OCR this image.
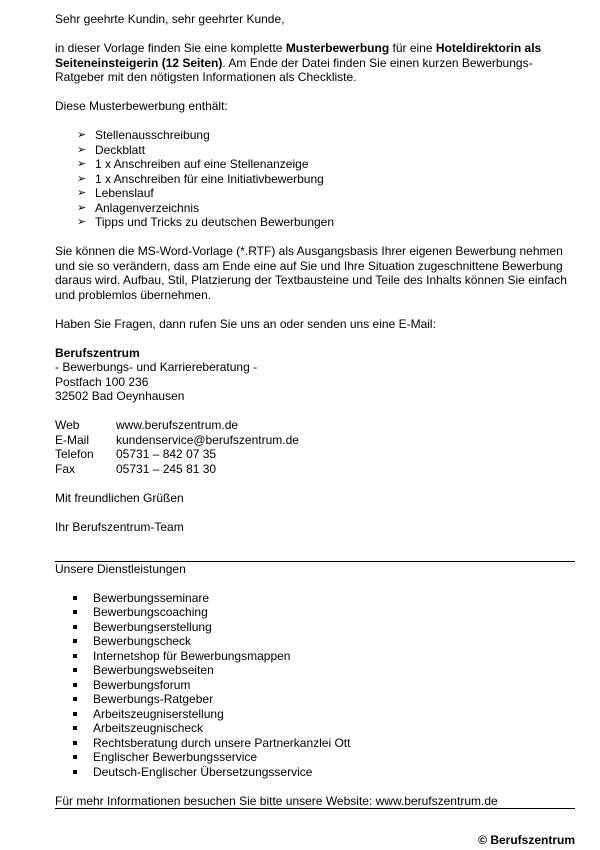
Sehr geehrte Kundin, sehr geehrter Kunde,

in dieser Vorlage finden Sie eine komplette Musterbewerbung für eine Hoteldirektorin als Seiteneinsteigerin (12 Seiten). Am Ende der Datei finden Sie einen kurzen Bewerbungs-Ratgeber mit den nötigsten Informationen als Checkliste.

Diese Musterbewerbung enthält:

➢ Stellenausschreibung
➢ Deckblatt
➢ 1 x Anschreiben auf eine Stellenanzeige
➢ 1 x Anschreiben für eine Initiativbewerbung
➢ Lebenslauf
➢ Anlagenverzeichnis
➢ Tipps und Tricks zu deutschen Bewerbungen

Sie können die MS-Word-Vorlage (*.RTF) als Ausgangsbasis Ihrer eigenen Bewerbung nehmen und sie so verändern, dass am Ende eine auf Sie und Ihre Situation zugeschnittene Bewerbung daraus wird. Aufbau, Stil, Platzierung der Textbausteine und Teile des Inhalts können Sie einfach und problemlos übernehmen.

Haben Sie Fragen, dann rufen Sie uns an oder senden uns eine E-Mail:

Berufszentrum

- Bewerbungs- und Karriereberatung -

Postfach 100 236

32502 Bad Oeynhausen

Web	www.berufszentrum.de
E-Mail	kundenservice@berufszentrum.de
Telefon	05731 – 842 07 35
Fax	05731 – 245 81 30

Mit freundlichen Grüßen

Ihr Berufszentrum-Team

Unsere Dienstleistungen

Bewerbungsseminare
Bewerbungscoaching
Bewerbungserstellung
Bewerbungscheck
Internetshop für Bewerbungsmappen
Bewerbungswebseiten
Bewerbungsforum
Bewerbungs-Ratgeber
Arbeitszeugniserstellung
Arbeitszeugnischeck
Rechtsberatung durch unsere Partnerkanzlei Ott
Englischer Bewerbungsservice
Deutsch-Englischer Übersetzungsservice

Für mehr Informationen besuchen Sie bitte unsere Website: www.berufszentrum.de

© Berufszentrum
